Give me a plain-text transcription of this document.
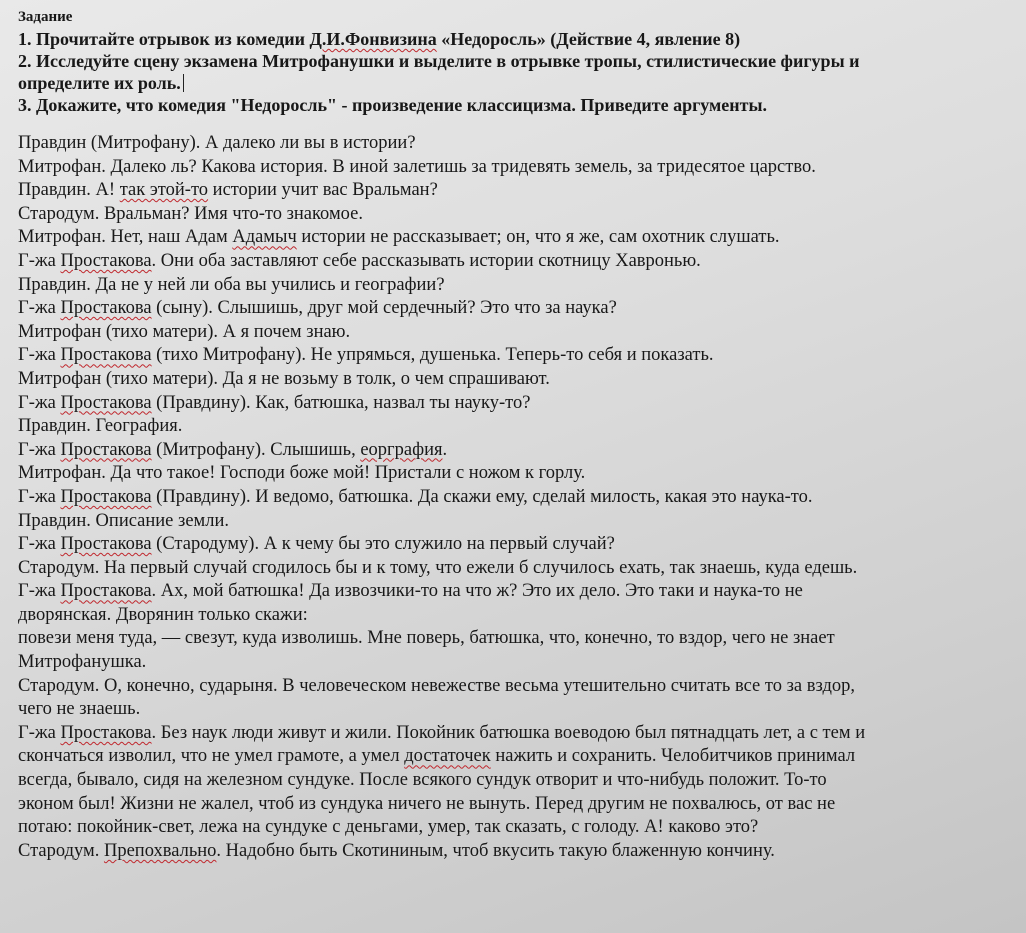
Задание

1. Прочитайте отрывок из комедии Д.И.Фонвизина «Недоросль» (Действие 4, явление 8)

2. Исследуйте сцену экзамена Митрофанушки и выделите в отрывке тропы, стилистические фигуры и

определите их роль.

3. Докажите, что комедия "Недоросль" - произведение классицизма. Приведите аргументы.

Правдин (Митрофану). А далеко ли вы в истории?

Митрофан. Далеко ль? Какова история. В иной залетишь за тридевять земель, за тридесятое царство.

Правдин. А! так этой-то истории учит вас Вральман?

Стародум. Вральман? Имя что-то знакомое.

Митрофан. Нет, наш Адам Адамыч истории не рассказывает; он, что я же, сам охотник слушать.

Г-жа Простакова. Они оба заставляют себе рассказывать истории скотницу Хавронью.

Правдин. Да не у ней ли оба вы учились и географии?

Г-жа Простакова (сыну). Слышишь, друг мой сердечный? Это что за наука?

Митрофан (тихо матери). А я почем знаю.

Г-жа Простакова (тихо Митрофану). Не упрямься, душенька. Теперь-то себя и показать.

Митрофан (тихо матери). Да я не возьму в толк, о чем спрашивают.

Г-жа Простакова (Правдину). Как, батюшка, назвал ты науку-то?

Правдин. География.

Г-жа Простакова (Митрофану). Слышишь, еорграфия.

Митрофан. Да что такое! Господи боже мой! Пристали с ножом к горлу.

Г-жа Простакова (Правдину). И ведомо, батюшка. Да скажи ему, сделай милость, какая это наука-то.

Правдин. Описание земли.

Г-жа Простакова (Стародуму). А к чему бы это служило на первый случай?

Стародум. На первый случай сгодилось бы и к тому, что ежели б случилось ехать, так знаешь, куда едешь.

Г-жа Простакова. Ах, мой батюшка! Да извозчики-то на что ж? Это их дело. Это таки и наука-то не

дворянская. Дворянин только скажи:

повези меня туда, — свезут, куда изволишь. Мне поверь, батюшка, что, конечно, то вздор, чего не знает

Митрофанушка.

Стародум. О, конечно, сударыня. В человеческом невежестве весьма утешительно считать все то за вздор,

чего не знаешь.

Г-жа Простакова. Без наук люди живут и жили. Покойник батюшка воеводою был пятнадцать лет, а с тем и

скончаться изволил, что не умел грамоте, а умел достаточек нажить и сохранить. Челобитчиков принимал

всегда, бывало, сидя на железном сундуке. После всякого сундук отворит и что-нибудь положит. То-то

эконом был! Жизни не жалел, чтоб из сундука ничего не вынуть. Перед другим не похвалюсь, от вас не

потаю: покойник-свет, лежа на сундуке с деньгами, умер, так сказать, с голоду. А! каково это?

Стародум. Препохвально. Надобно быть Скотининым, чтоб вкусить такую блаженную кончину.
